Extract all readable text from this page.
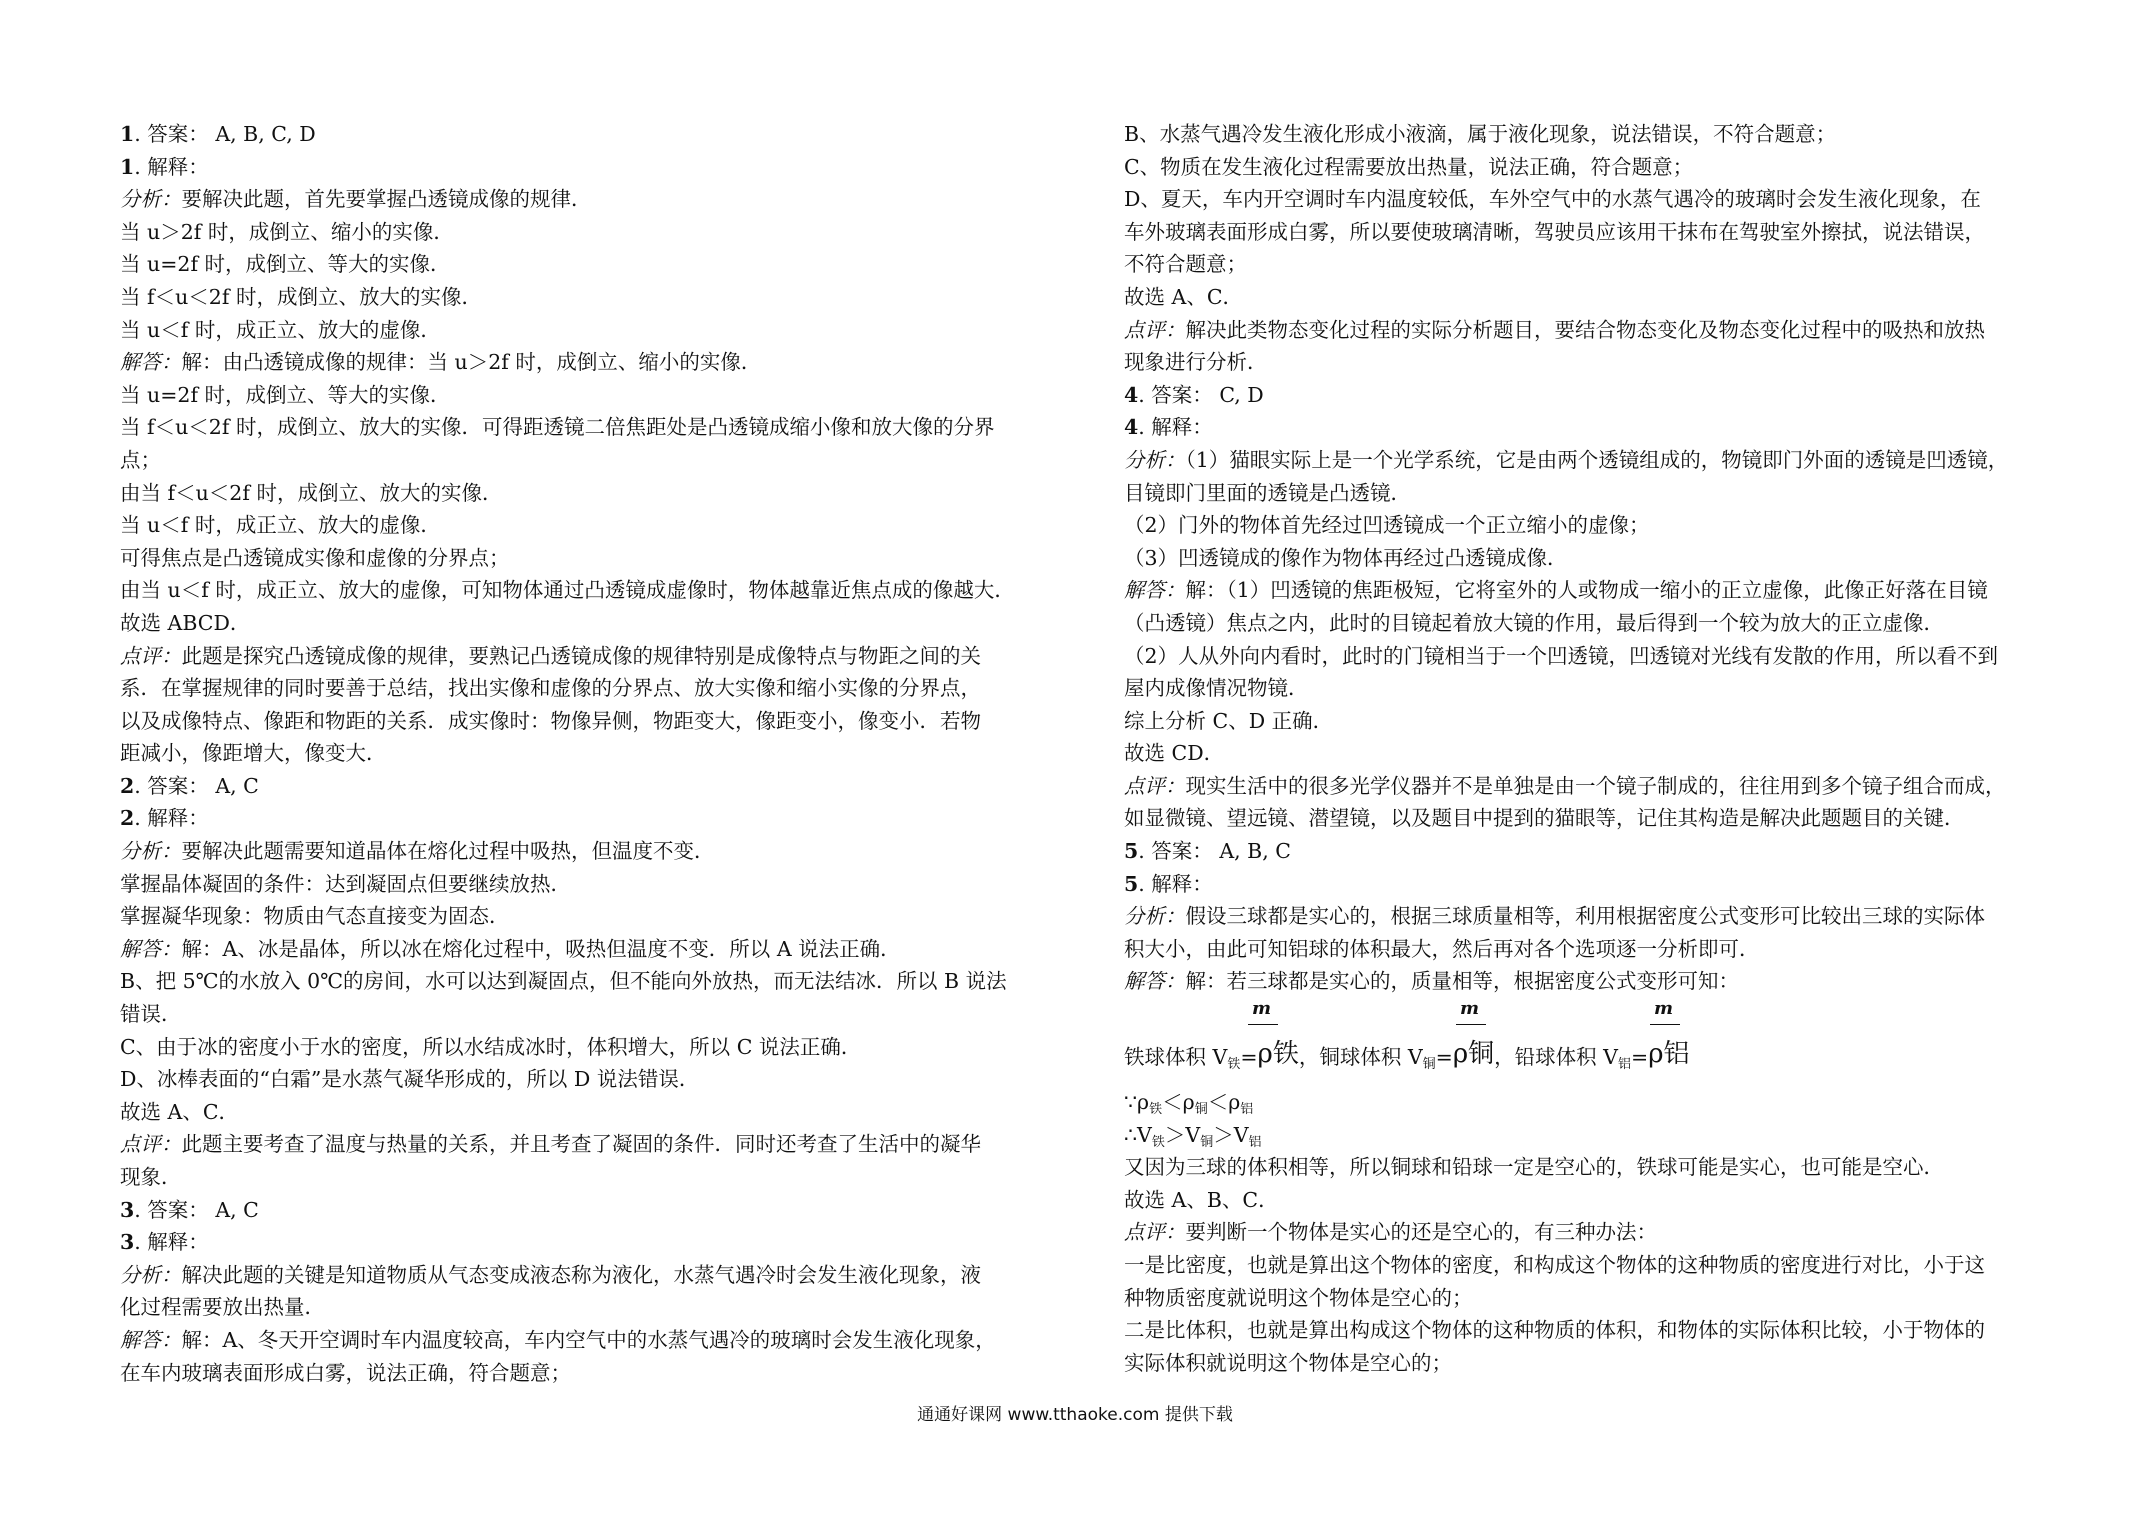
1. 答案： A, B, C, D
1. 解释：
分析：要解决此题，首先要掌握凸透镜成像的规律．
当 u＞2f 时，成倒立、缩小的实像．
当 u=2f 时，成倒立、等大的实像．
当 f＜u＜2f 时，成倒立、放大的实像．
当 u＜f 时，成正立、放大的虚像．
解答：解：由凸透镜成像的规律：当 u＞2f 时，成倒立、缩小的实像．
当 u=2f 时，成倒立、等大的实像．
当 f＜u＜2f 时，成倒立、放大的实像．可得距透镜二倍焦距处是凸透镜成缩小像和放大像的分界
点；
由当 f＜u＜2f 时，成倒立、放大的实像．
当 u＜f 时，成正立、放大的虚像．
可得焦点是凸透镜成实像和虚像的分界点；
由当 u＜f 时，成正立、放大的虚像，可知物体通过凸透镜成虚像时，物体越靠近焦点成的像越大．
故选 ABCD．
点评：此题是探究凸透镜成像的规律，要熟记凸透镜成像的规律特别是成像特点与物距之间的关
系．在掌握规律的同时要善于总结，找出实像和虚像的分界点、放大实像和缩小实像的分界点，
以及成像特点、像距和物距的关系．成实像时：物像异侧，物距变大，像距变小，像变小．若物
距减小，像距增大，像变大．
2. 答案： A, C
2. 解释：
分析：要解决此题需要知道晶体在熔化过程中吸热，但温度不变．
掌握晶体凝固的条件：达到凝固点但要继续放热．
掌握凝华现象：物质由气态直接变为固态．
解答：解：A、冰是晶体，所以冰在熔化过程中，吸热但温度不变．所以 A 说法正确．
B、把 5℃的水放入 0℃的房间，水可以达到凝固点，但不能向外放热，而无法结冰．所以 B 说法
错误．
C、由于冰的密度小于水的密度，所以水结成冰时，体积增大，所以 C 说法正确．
D、冰棒表面的“白霜”是水蒸气凝华形成的，所以 D 说法错误．
故选 A、C．
点评：此题主要考查了温度与热量的关系，并且考查了凝固的条件．同时还考查了生活中的凝华
现象．
3. 答案： A, C
3. 解释：
分析：解决此题的关键是知道物质从气态变成液态称为液化，水蒸气遇冷时会发生液化现象，液
化过程需要放出热量．
解答：解：A、冬天开空调时车内温度较高，车内空气中的水蒸气遇冷的玻璃时会发生液化现象，
在车内玻璃表面形成白雾，说法正确，符合题意；
B、水蒸气遇冷发生液化形成小液滴，属于液化现象，说法错误，不符合题意；
C、物质在发生液化过程需要放出热量，说法正确，符合题意；
D、夏天，车内开空调时车内温度较低，车外空气中的水蒸气遇冷的玻璃时会发生液化现象，在
车外玻璃表面形成白雾，所以要使玻璃清晰，驾驶员应该用干抹布在驾驶室外擦拭，说法错误，
不符合题意；
故选 A、C．
点评：解决此类物态变化过程的实际分析题目，要结合物态变化及物态变化过程中的吸热和放热
现象进行分析．
4. 答案： C, D
4. 解释：
分析：（1）猫眼实际上是一个光学系统，它是由两个透镜组成的，物镜即门外面的透镜是凹透镜，
目镜即门里面的透镜是凸透镜．
（2）门外的物体首先经过凹透镜成一个正立缩小的虚像；
（3）凹透镜成的像作为物体再经过凸透镜成像．
解答：解：（1）凹透镜的焦距极短，它将室外的人或物成一缩小的正立虚像，此像正好落在目镜
（凸透镜）焦点之内，此时的目镜起着放大镜的作用，最后得到一个较为放大的正立虚像．
（2）人从外向内看时，此时的门镜相当于一个凹透镜，凹透镜对光线有发散的作用，所以看不到
屋内成像情况物镜．
综上分析 C、D 正确．
故选 CD．
点评：现实生活中的很多光学仪器并不是单独是由一个镜子制成的，往往用到多个镜子组合而成，
如显微镜、望远镜、潜望镜，以及题目中提到的猫眼等，记住其构造是解决此题题目的关键．
5. 答案： A, B, C
5. 解释：
分析：假设三球都是实心的，根据三球质量相等，利用根据密度公式变形可比较出三球的实际体
积大小，由此可知铝球的体积最大，然后再对各个选项逐一分析即可．
解答：解：若三球都是实心的，质量相等，根据密度公式变形可知：
m	m	m
铁球体积 $V_铁=\rho$铁，铜球体积 $V_铜=\rho$铜，铅球体积 $V_铝=\rho$铝
$\because\rho_铁<\rho_铜<\rho_铝$
$\therefore V_铁>V_铜>V_铝$
又因为三球的体积相等，所以铜球和铅球一定是空心的，铁球可能是实心，也可能是空心．
故选 A、B、C．
点评：要判断一个物体是实心的还是空心的，有三种办法：
一是比密度，也就是算出这个物体的密度，和构成这个物体的这种物质的密度进行对比，小于这
种物质密度就说明这个物体是空心的；
二是比体积，也就是算出构成这个物体的这种物质的体积，和物体的实际体积比较，小于物体的
实际体积就说明这个物体是空心的；
通通好课网 www.tthaoke.com 提供下载
